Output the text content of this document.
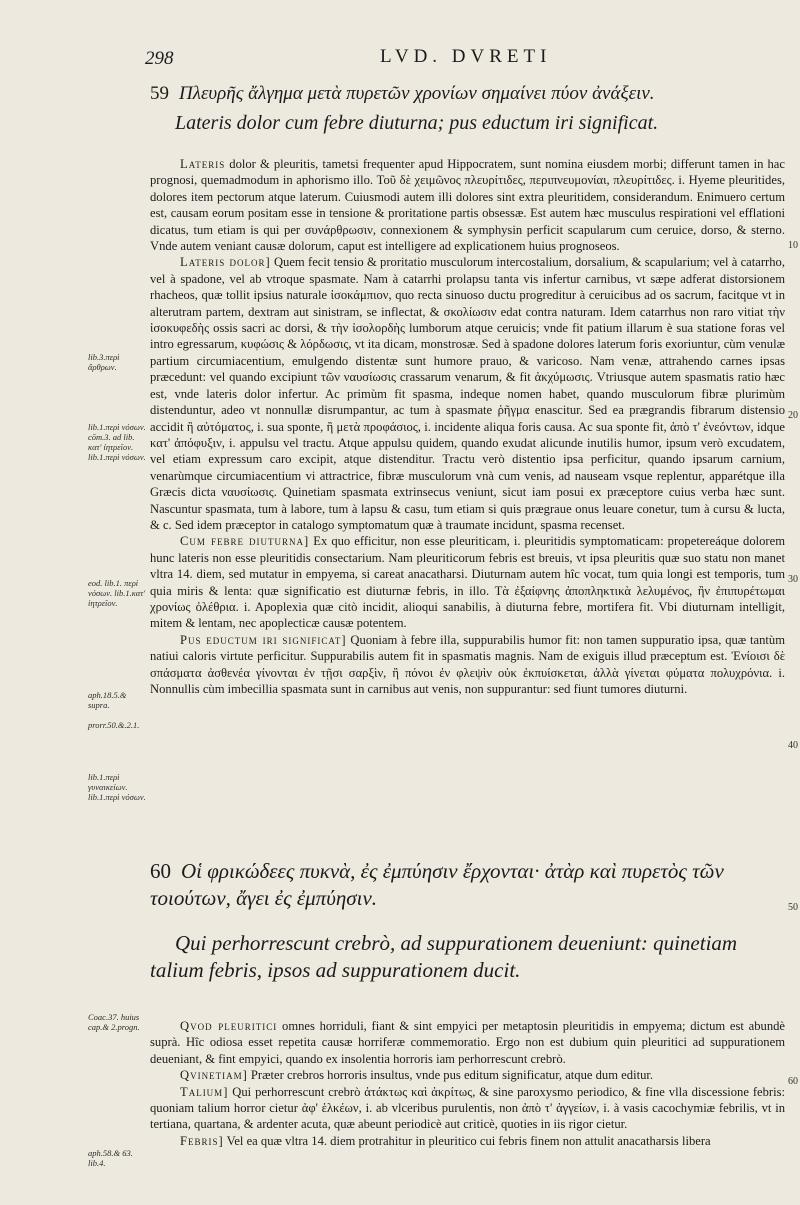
298	LVD. DVRETI
lib.3.περὶ ἄρθρων.
lib.1.περὶ νόσων. cōm.3. ad lib. κατ' ἰητρεῖον. lib.1.περὶ νόσων.
eod. lib.1. περὶ νόσων. lib.1.κατ' ἰητρεῖον.
aph.18.5.& supra.
prorr.50.&.2.1.
lib.1.περὶ γυναικείων. lib.1.περὶ νόσων.
Coac.37. huius cap.& 2.progn.
aph.58.& 63. lib.4.
10
20
30
40
50
60
59 Πλευρῆς ἄλγημα μετὰ πυρετῶν χρονίων σημαίνει πύον ἀνάξειν.
Lateris dolor cum febre diuturna; pus eductum iri significat.

Lateris dolor & pleuritis, tametsi frequenter apud Hippocratem, sunt nomina eiusdem morbi; differunt tamen in hac prognosi, quemadmodum in aphorismo illo. Τοῦ δὲ χειμῶνος πλευρίτιδες, περιπνευμονίαι, πλευρίτιδες. i. Hyeme pleuritides, dolores item pectorum atque laterum. Cuiusmodi autem illi dolores sint extra pleuritidem, considerandum. Enimuero certum est, causam eorum positam esse in tensione & proritatione partis obsessæ. Est autem hæc musculus respirationi vel efflationi dicatus, tum etiam is qui per συνάρθρωσιν, connexionem & symphysin perficit scapularum cum ceruice, dorso, & sterno. Vnde autem veniant causæ dolorum, caput est intelligere ad explicationem huius prognoseos.

Lateris dolor] Quem fecit tensio & proritatio musculorum intercostalium, dorsalium, & scapularium; vel à catarrho, vel à spadone, vel ab vtroque spasmate. Nam à catarrhi prolapsu tanta vis infertur carnibus, vt sæpe adferat distorsionem rhacheos, quæ tollit ipsius naturale ἰσοκάμπιον, quo recta sinuoso ductu progreditur à ceruicibus ad os sacrum, facitque vt in alterutram partem, dextram aut sinistram, se inflectat, & σκολίωσιν edat contra naturam. Idem catarrhus non raro vitiat τὴν ἰσοκυφεδὴς ossis sacri ac dorsi, & τὴν ἰσολορδὴς lumborum atque ceruicis; vnde fit patium illarum è sua statione foras vel intro egressarum, κυφώσις & λόρδωσις, vt ita dicam, monstrosæ. Sed à spadone dolores laterum foris exoriuntur, cùm venulæ partium circumiacentium, emulgendo distentæ sunt humore prauo, & varicoso. Nam venæ, attrahendo carnes ipsas præcedunt: vel quando excipiunt τῶν ναυσίωσις crassarum venarum, & fit ἀκχύμωσις. Vtriusque autem spasmatis ratio hæc est, vnde lateris dolor infertur. Ac primùm fit spasma, indeque nomen habet, quando musculorum fibræ plurimùm distenduntur, adeo vt nonnullæ disrumpantur, ac tum à spasmate ῥῆγμα enascitur. Sed ea prægrandis fibrarum distensio accidit ἢ αὐτόματος, i. sua sponte, ἢ μετὰ προφάσιος, i. incidente aliqua foris causa. Ac sua sponte fit, ἀπὸ τ' ἐνεόντων, idque κατ' ἀπόφυξιν, i. appulsu vel tractu. Atque appulsu quidem, quando exudat alicunde inutilis humor, ipsum verò excudatem, vel etiam expressum caro excipit, atque distenditur. Tractu verò distentio ipsa perficitur, quando ipsarum carnium, venarùmque circumiacentium vi attractrice, fibræ musculorum vnà cum venis, ad nauseam vsque replentur, apparétque illa Græcis dicta ναυσίωσις. Quinetiam spasmata extrinsecus veniunt, sicut iam posui ex præceptore cuius verba hæc sunt. Nascuntur spasmata, tum à labore, tum à lapsu & casu, tum etiam si quis prægraue onus leuare conetur, tum à cursu & lucta, & c. Sed idem præceptor in catalogo symptomatum quæ à traumate incidunt, spasma recenset.

Cum febre diuturna] Ex quo efficitur, non esse pleuriticam, i. pleuritidis symptomaticam: propetereáque dolorem hunc lateris non esse pleuritidis consectarium. Nam pleuriticorum febris est breuis, vt ipsa pleuritis quæ suo statu non manet vltra 14. diem, sed mutatur in empyema, si careat anacatharsi. Diuturnam autem hîc vocat, tum quia longi est temporis, tum quia miris & lenta: quæ significatio est diuturnæ febris, in illo. Τὰ ἐξαίφνης ἀποπληκτικὰ λελυμένος, ἢν ἐπιπυρέτωμαι χρονίως ὀλέθρια. i. Apoplexia quæ citò incidit, alioqui sanabilis, à diuturna febre, mortifera fit. Vbi diuturnam intelligit, mitem & lentam, nec apoplecticæ causæ potentem.

Pus eductum iri significat] Quoniam à febre illa, suppurabilis humor fit: non tamen suppuratio ipsa, quæ tantùm natiui caloris virtute perficitur. Suppurabilis autem fit in spasmatis magnis. Nam de exiguis illud præceptum est. Ἐνίοισι δὲ σπάσματα ἀσθενέα γίνονται ἐν τῇσι σαρξὶν, ἢ πόνοι ἐν φλεψὶν οὐκ ἐκπυίσκεται, ἀλλὰ γίνεται φύματα πολυχρόνια. i. Nonnullis cùm imbecillia spasmata sunt in carnibus aut venis, non suppurantur: sed fiunt tumores diuturni.

60 Οἱ φρικώδεες πυκνὰ, ἐς ἐμπύησιν ἔρχονται· ἀτὰρ καὶ πυρετὸς τῶν τοιούτων, ἄγει ἐς ἐμπύησιν.
Qui perhorrescunt crebrò, ad suppurationem deueniunt: quinetiam talium febris, ipsos ad suppurationem ducit.

Qvod pleuritici omnes horriduli, fiant & sint empyici per metaptosin pleuritidis in empyema; dictum est abundè suprà. Hîc odiosa esset repetita causæ horriferæ commemoratio. Ergo non est dubium quin pleuritici ad suppurationem deueniant, & fint empyici, quando ex insolentia horroris iam perhorrescunt crebrò.

Qvinetiam] Præter crebros horroris insultus, vnde pus editum significatur, atque dum editur.

Talium] Qui perhorrescunt crebrò ἀτάκτως καὶ ἀκρίτως, & sine paroxysmo periodico, & fine vlla discessione febris: quoniam talium horror cietur ἀφ' ἑλκέων, i. ab vlceribus purulentis, non ἀπὸ τ' ἀγγείων, i. à vasis cacochymiæ febrilis, vt in tertiana, quartana, & ardenter acuta, quæ abeunt periodicè aut criticè, quoties in iis rigor cietur.

Febris] Vel ea quæ vltra 14. diem protrahitur in pleuritico cui febris finem non attulit anacatharsis libera
